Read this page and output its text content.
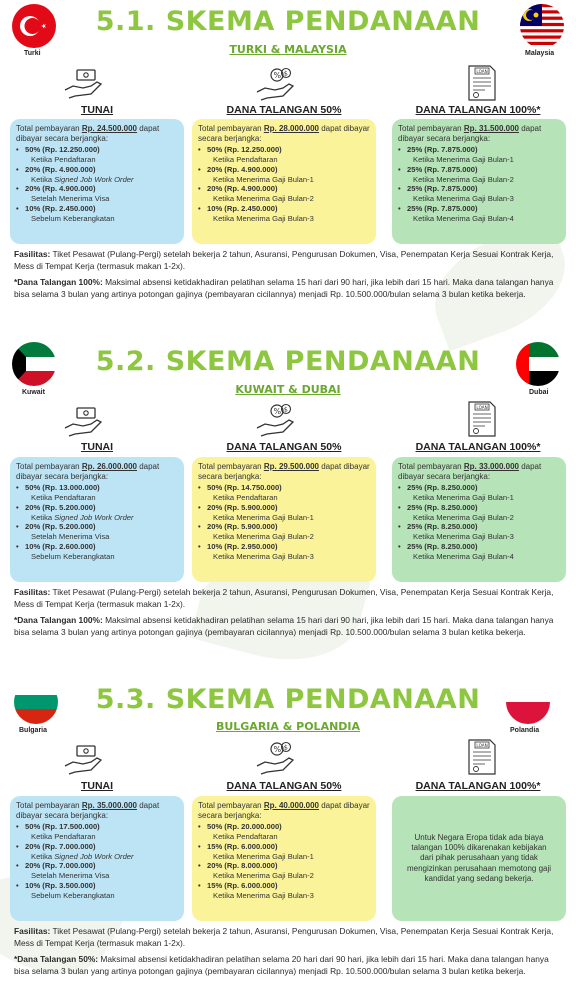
Turki	Malaysia
5.1. SKEMA PENDANAAN
TURKI & MALAYSIA
% $	LOAN
TUNAI	DANA TALANGAN 50%	DANA TALANGAN 100%*

Total pembayaran Rp. 24.500.000 dapat dibayar secara berjangka:

• 50% (Rp. 12.250.000)
Ketika Pendaftaran
• 20% (Rp. 4.900.000)
Ketika Signed Job Work Order
• 20% (Rp. 4.900.000)
Setelah Menerima Visa
• 10% (Rp. 2.450.000)
Sebelum Keberangkatan

Total pembayaran Rp. 28.000.000 dapat dibayar secara berjangka:

• 50% (Rp. 12.250.000)
Ketika Pendaftaran
• 20% (Rp. 4.900.000)
Ketika Menerima Gaji Bulan-1
• 20% (Rp. 4.900.000)
Ketika Menerima Gaji Bulan-2
• 10% (Rp. 2.450.000)
Ketika Menerima Gaji Bulan-3

Total pembayaran Rp. 31.500.000 dapat dibayar secara berjangka:

• 25% (Rp. 7.875.000)
Ketika Menerima Gaji Bulan-1
• 25% (Rp. 7.875.000)
Ketika Menerima Gaji Bulan-2
• 25% (Rp. 7.875.000)
Ketika Menerima Gaji Bulan-3
• 25% (Rp. 7.875.000)
Ketika Menerima Gaji Bulan-4
Fasilitas: Tiket Pesawat (Pulang-Pergi) setelah bekerja 2 tahun, Asuransi, Pengurusan Dokumen, Visa, Penempatan Kerja Sesuai Kontrak Kerja, Mess di Tempat Kerja (termasuk makan 1-2x).
*Dana Talangan 100%: Maksimal absensi ketidakhadiran pelatihan selama 15 hari dari 90 hari, jika lebih dari 15 hari. Maka dana talangan hanya bisa selama 3 bulan yang artinya potongan gajinya (pembayaran cicilannya) menjadi Rp. 10.500.000/bulan selama 3 bulan ketika bekerja.
Kuwait	Dubai
5.2. SKEMA PENDANAAN
KUWAIT & DUBAI
% $	LOAN
TUNAI	DANA TALANGAN 50%	DANA TALANGAN 100%*

Total pembayaran Rp. 26.000.000 dapat dibayar secara berjangka:

• 50% (Rp. 13.000.000)
Ketika Pendaftaran
• 20% (Rp. 5.200.000)
Ketika Signed Job Work Order
• 20% (Rp. 5.200.000)
Setelah Menerima Visa
• 10% (Rp. 2.600.000)
Sebelum Keberangkatan

Total pembayaran Rp. 29.500.000 dapat dibayar secara berjangka:

• 50% (Rp. 14.750.000)
Ketika Pendaftaran
• 20% (Rp. 5.900.000)
Ketika Menerima Gaji Bulan-1
• 20% (Rp. 5.900.000)
Ketika Menerima Gaji Bulan-2
• 10% (Rp. 2.950.000)
Ketika Menerima Gaji Bulan-3

Total pembayaran Rp. 33.000.000 dapat dibayar secara berjangka:

• 25% (Rp. 8.250.000)
Ketika Menerima Gaji Bulan-1
• 25% (Rp. 8.250.000)
Ketika Menerima Gaji Bulan-2
• 25% (Rp. 8.250.000)
Ketika Menerima Gaji Bulan-3
• 25% (Rp. 8.250.000)
Ketika Menerima Gaji Bulan-4
Fasilitas: Tiket Pesawat (Pulang-Pergi) setelah bekerja 2 tahun, Asuransi, Pengurusan Dokumen, Visa, Penempatan Kerja Sesuai Kontrak Kerja, Mess di Tempat Kerja (termasuk makan 1-2x).
*Dana Talangan 100%: Maksimal absensi ketidakhadiran pelatihan selama 15 hari dari 90 hari, jika lebih dari 15 hari. Maka dana talangan hanya bisa selama 3 bulan yang artinya potongan gajinya (pembayaran cicilannya) menjadi Rp. 10.500.000/bulan selama 3 bulan ketika bekerja.
Bulgaria	Polandia
5.3. SKEMA PENDANAAN
BULGARIA & POLANDIA
% $	LOAN
TUNAI	DANA TALANGAN 50%	DANA TALANGAN 100%*

Total pembayaran Rp. 35.000.000 dapat dibayar secara berjangka:

• 50% (Rp. 17.500.000)
Ketika Pendaftaran
• 20% (Rp. 7.000.000)
Ketika Signed Job Work Order
• 20% (Rp. 7.000.000)
Setelah Menerima Visa
• 10% (Rp. 3.500.000)
Sebelum Keberangkatan

Total pembayaran Rp. 40.000.000 dapat dibayar secara berjangka:

• 50% (Rp. 20.000.000)
Ketika Pendaftaran
• 15% (Rp. 6.000.000)
Ketika Menerima Gaji Bulan-1
• 20% (Rp. 8.000.000)
Ketika Menerima Gaji Bulan-2
• 15% (Rp. 6.000.000)
Ketika Menerima Gaji Bulan-3
Untuk Negara Eropa tidak ada biaya talangan 100% dikarenakan kebijakan dari pihak perusahaan yang tidak mengizinkan perusahaan memotong gaji kandidat yang sedang bekerja.
Fasilitas: Tiket Pesawat (Pulang-Pergi) setelah bekerja 2 tahun, Asuransi, Pengurusan Dokumen, Visa, Penempatan Kerja Sesuai Kontrak Kerja, Mess di Tempat Kerja (termasuk makan 1-2x).
*Dana Talangan 50%: Maksimal absensi ketidakhadiran pelatihan selama 20 hari dari 90 hari, jika lebih dari 15 hari. Maka dana talangan hanya bisa selama 3 bulan yang artinya potongan gajinya (pembayaran cicilannya) menjadi Rp. 10.500.000/bulan selama 3 bulan ketika bekerja.
